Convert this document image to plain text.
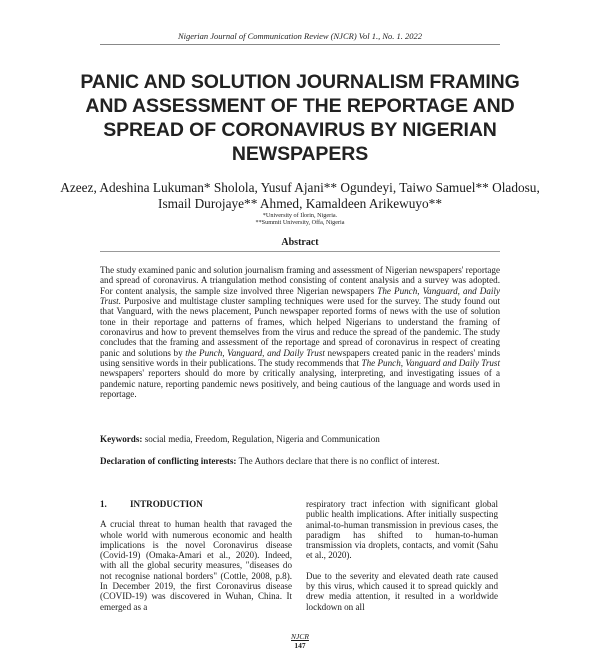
Nigerian Journal of Communication Review (NJCR) Vol 1., No. 1. 2022
PANIC AND SOLUTION JOURNALISM FRAMING AND ASSESSMENT OF THE REPORTAGE AND SPREAD OF CORONAVIRUS BY NIGERIAN NEWSPAPERS
Azeez, Adeshina Lukuman* Sholola, Yusuf Ajani** Ogundeyi, Taiwo Samuel** Oladosu, Ismail Durojaye** Ahmed, Kamaldeen Arikewuyo**
*University of Ilorin, Nigeria.
**Summit University, Offa, Nigeria
Abstract
The study examined panic and solution journalism framing and assessment of Nigerian newspapers' reportage and spread of coronavirus. A triangulation method consisting of content analysis and a survey was adopted. For content analysis, the sample size involved three Nigerian newspapers The Punch, Vanguard, and Daily Trust. Purposive and multistage cluster sampling techniques were used for the survey. The study found out that Vanguard, with the news placement, Punch newspaper reported forms of news with the use of solution tone in their reportage and patterns of frames, which helped Nigerians to understand the framing of coronavirus and how to prevent themselves from the virus and reduce the spread of the pandemic. The study concludes that the framing and assessment of the reportage and spread of coronavirus in respect of creating panic and solutions by the Punch, Vanguard, and Daily Trust newspapers created panic in the readers' minds using sensitive words in their publications. The study recommends that The Punch, Vanguard and Daily Trust newspapers' reporters should do more by critically analysing, interpreting, and investigating issues of a pandemic nature, reporting pandemic news positively, and being cautious of the language and words used in reportage.
Keywords: social media, Freedom, Regulation, Nigeria and Communication
Declaration of conflicting interests: The Authors declare that there is no conflict of interest.
1.	INTRODUCTION

A crucial threat to human health that ravaged the whole world with numerous economic and health implications is the novel Coronavirus disease (Covid-19) (Omaka-Amari et al., 2020). Indeed, with all the global security measures, "diseases do not recognise national borders" (Cottle, 2008, p.8). In December 2019, the first Coronavirus disease (COVID-19) was discovered in Wuhan, China. It emerged as a

respiratory tract infection with significant global public health implications. After initially suspecting animal-to-human transmission in previous cases, the paradigm has shifted to human-to-human transmission via droplets, contacts, and vomit (Sahu et al., 2020).

Due to the severity and elevated death rate caused by this virus, which caused it to spread quickly and drew media attention, it resulted in a worldwide lockdown on all

NJCR
147
